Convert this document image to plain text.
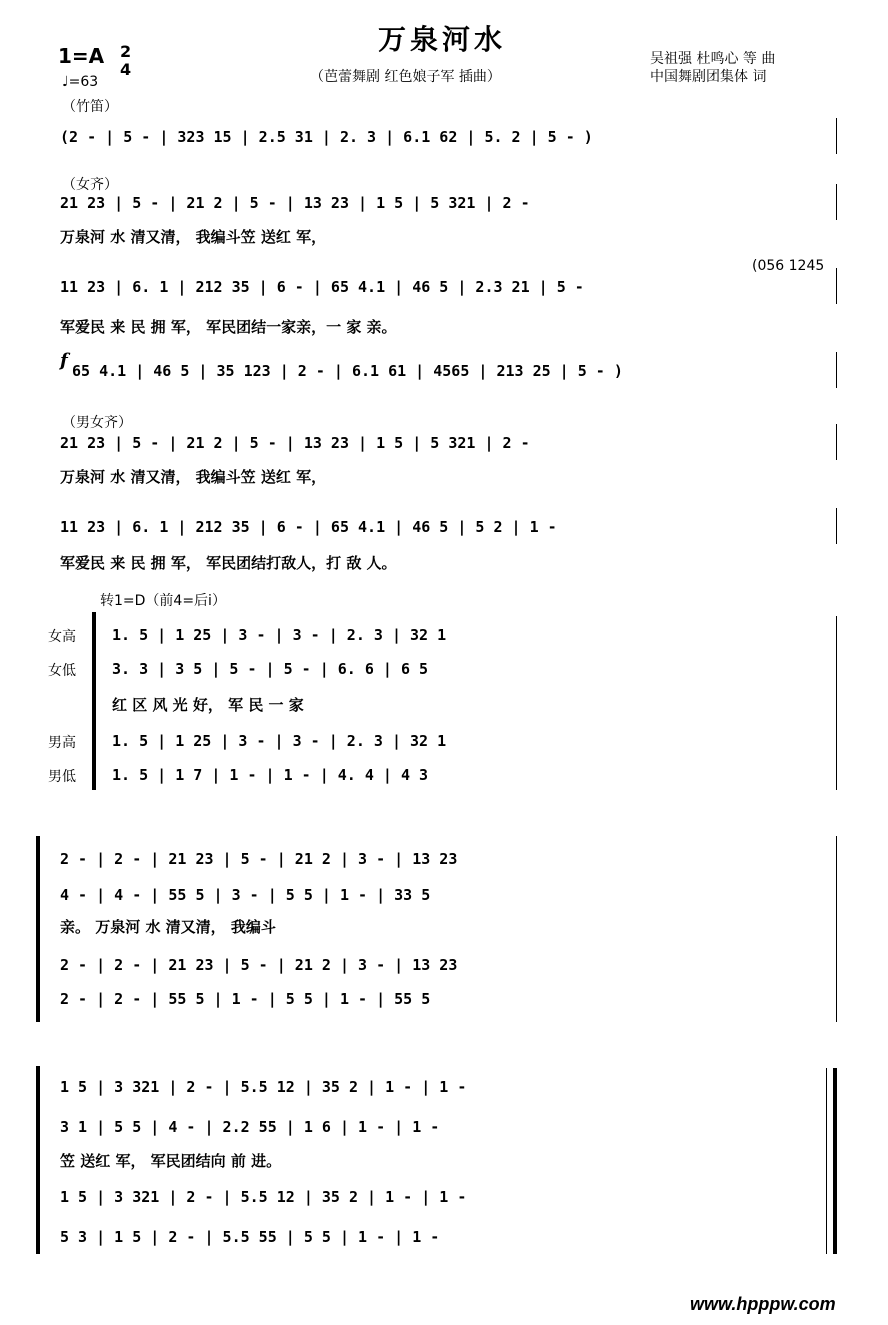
万泉河水
1=A 2
4
♩=63	（芭蕾舞剧 红色娘子军 插曲）
吴祖强 杜鸣心 等 曲
中国舞剧团集体 词
（竹笛）
(2 - | 5 - | 323 15 | 2.5 31 | 2. 3 | 6.1 62 | 5. 2 | 5 - )
（女齐）
21 23 | 5 - | 21 2 | 5 - | 13 23 | 1 5 | 5 321 | 2 -
万泉河 水 清又清， 我编斗笠 送红 军，
11 23 | 6. 1 | 212 35 | 6 - | 65 4.1 | 46 5 | 2.3 21 | 5 -
(056 1245
军爱民 来 民 拥 军， 军民团结一家亲，一 家 亲。
f 65 4.1 | 46 5 | 35 123 | 2 - | 6.1 61 | 4565 | 213 25 | 5 - )
（男女齐）
21 23 | 5 - | 21 2 | 5 - | 13 23 | 1 5 | 5 321 | 2 -
万泉河 水 清又清， 我编斗笠 送红 军，
11 23 | 6. 1 | 212 35 | 6 - | 65 4.1 | 46 5 | 5 2 | 1 -
军爱民 来 民 拥 军， 军民团结打敌人，打 敌 人。
转1=D（前4=后i）
女高
女低
男高
男低
1. 5 | 1 25 | 3 - | 3 - | 2. 3 | 32 1
3. 3 | 3 5 | 5 - | 5 - | 6. 6 | 6 5
红 区 风 光 好， 军 民 一 家
1. 5 | 1 25 | 3 - | 3 - | 2. 3 | 32 1
1. 5 | 1 7 | 1 - | 1 - | 4. 4 | 4 3
2 - | 2 - | 21 23 | 5 - | 21 2 | 3 - | 13 23
4 - | 4 - | 55 5 | 3 - | 5 5 | 1 - | 33 5
亲。 万泉河 水 清又清， 我编斗
2 - | 2 - | 21 23 | 5 - | 21 2 | 3 - | 13 23
2 - | 2 - | 55 5 | 1 - | 5 5 | 1 - | 55 5
1 5 | 3 321 | 2 - | 5.5 12 | 35 2 | 1 - | 1 -
3 1 | 5 5 | 4 - | 2.2 55 | 1 6 | 1 - | 1 -
笠 送红 军， 军民团结向 前 进。
1 5 | 3 321 | 2 - | 5.5 12 | 35 2 | 1 - | 1 -
5 3 | 1 5 | 2 - | 5.5 55 | 5 5 | 1 - | 1 -
www.hpppw.com
